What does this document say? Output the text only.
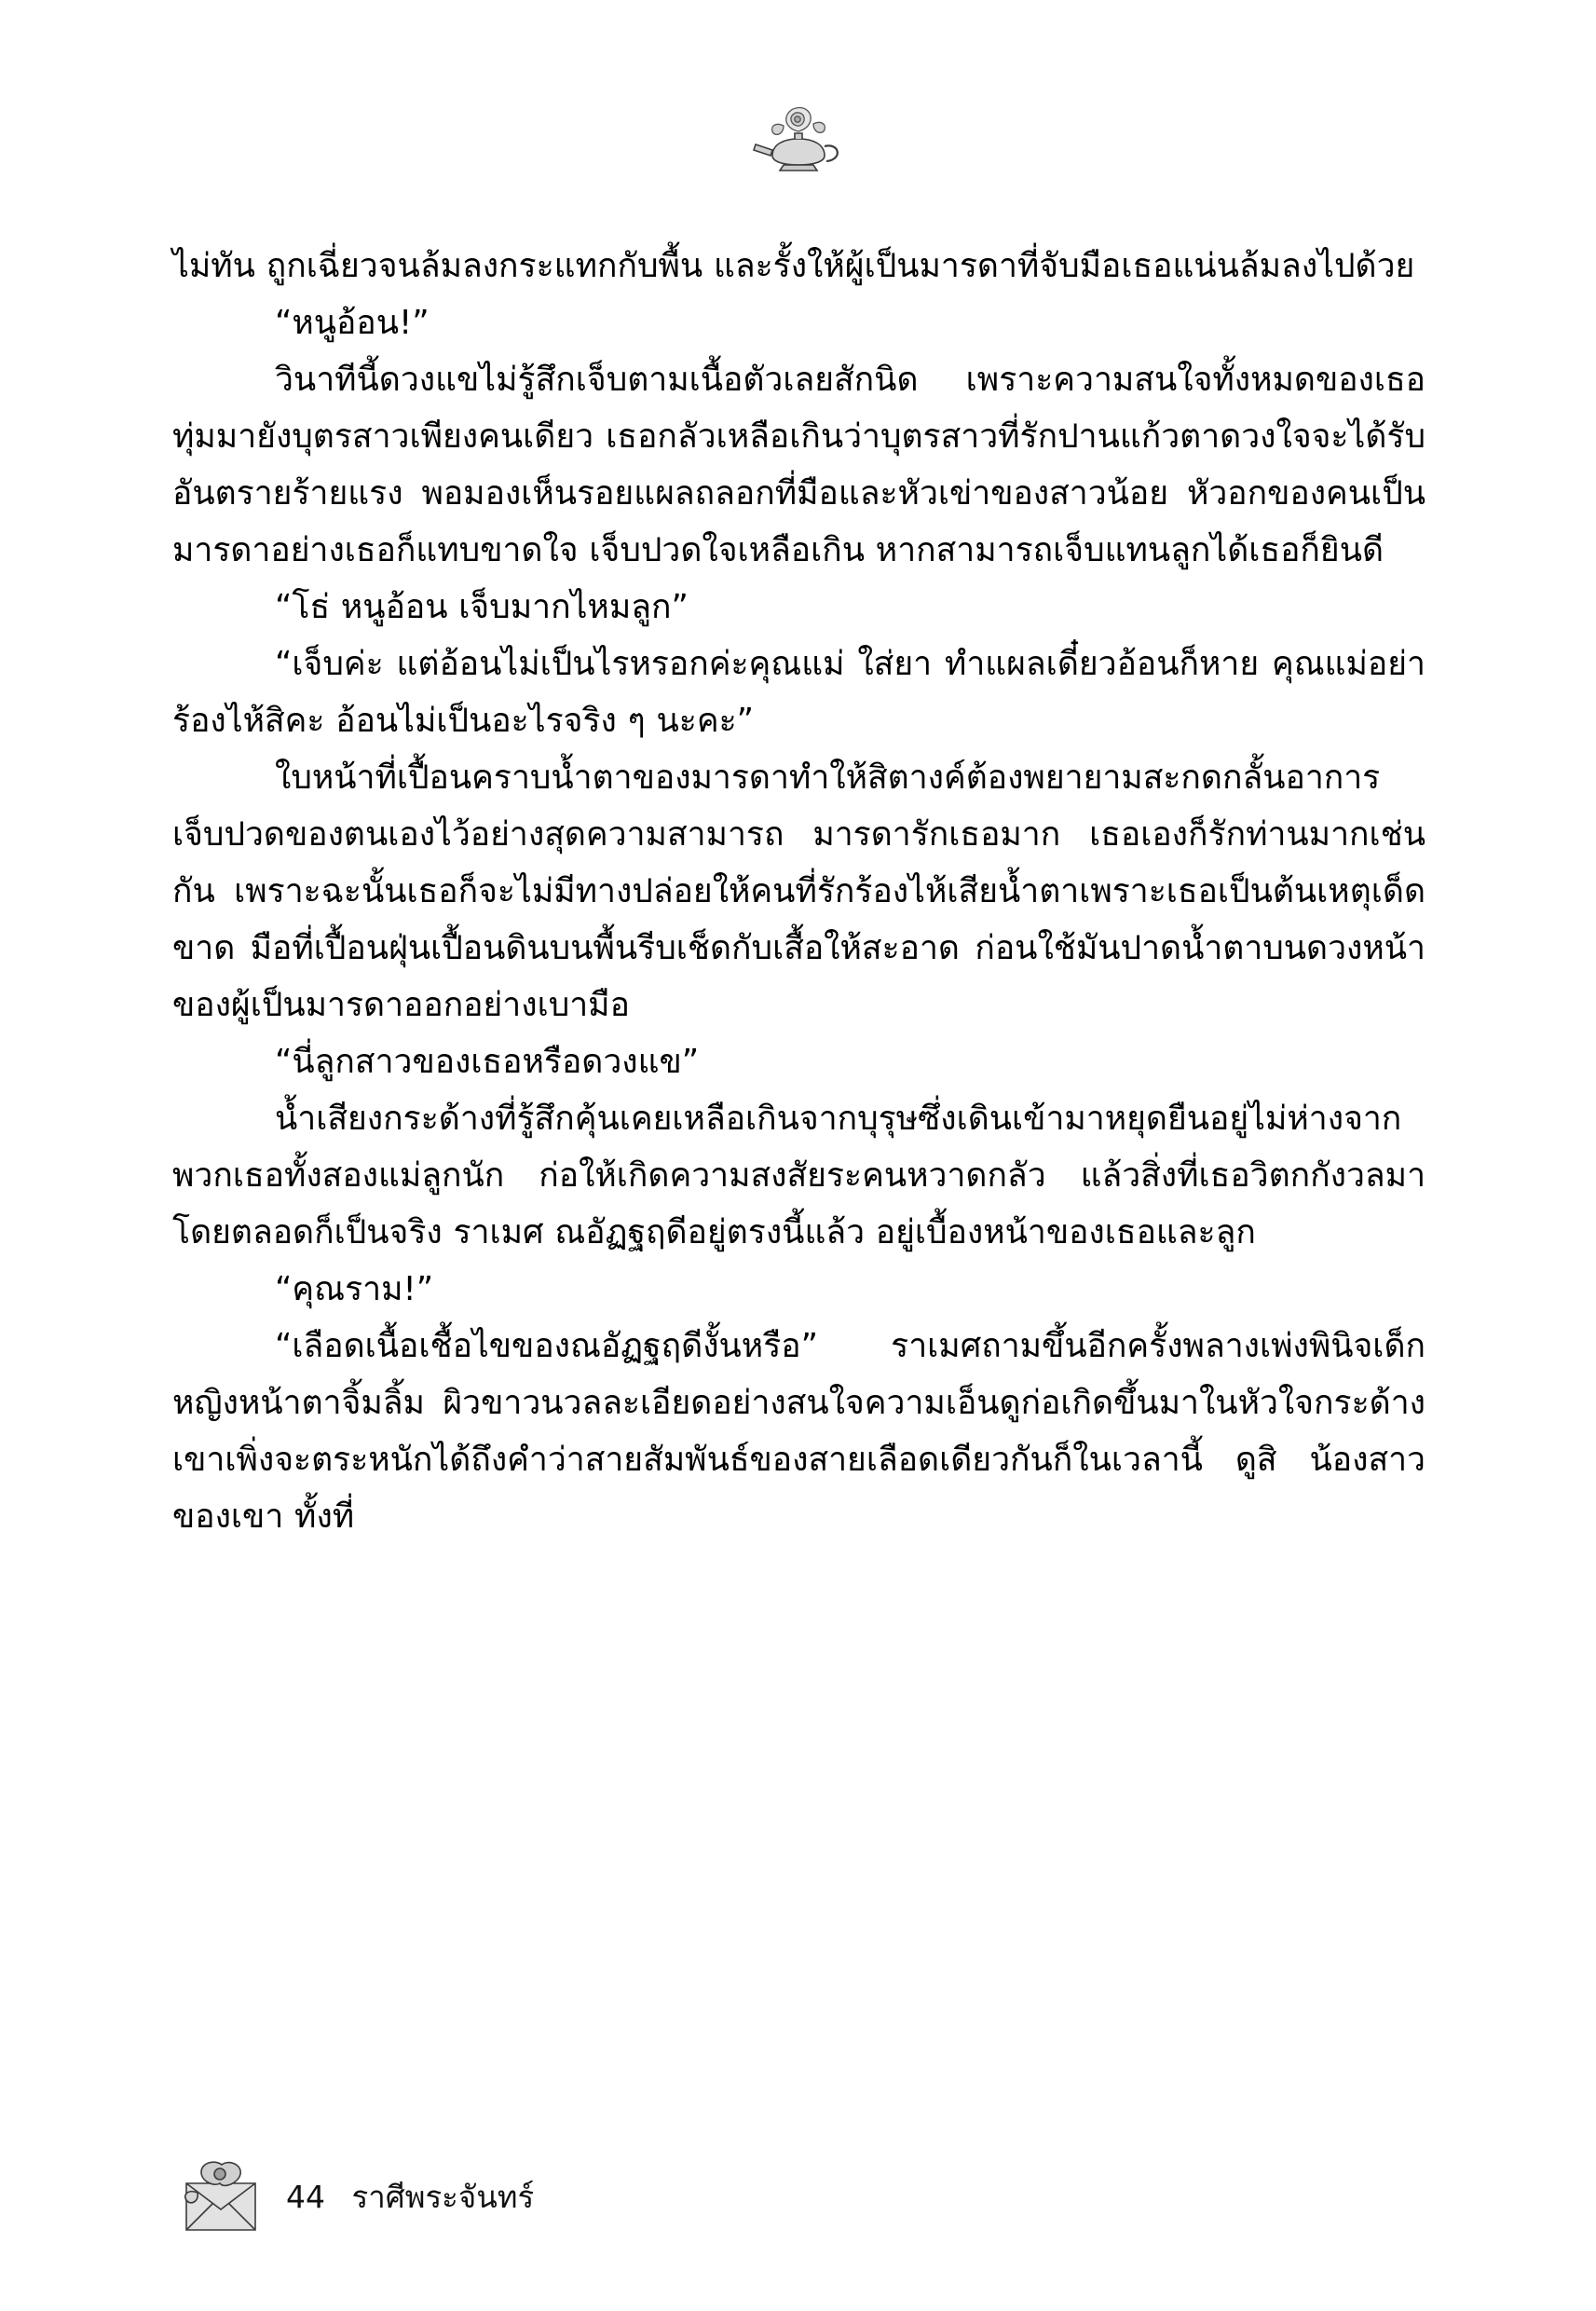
ไม่ทัน ถูกเฉี่ยวจนล้มลงกระแทกกับพื้น และรั้งให้ผู้เป็นมารดาที่จับมือเธอแน่นล้มลงไปด้วย

“หนูอ้อน!”

วินาทีนี้ดวงแขไม่รู้สึกเจ็บตามเนื้อตัวเลยสักนิด เพราะความสนใจทั้งหมดของเธอทุ่มมายังบุตรสาวเพียงคนเดียว เธอกลัวเหลือเกินว่าบุตรสาวที่รักปานแก้วตาดวงใจจะได้รับอันตรายร้ายแรง พอมองเห็นรอยแผลถลอกที่มือและหัวเข่าของสาวน้อย หัวอกของคนเป็นมารดาอย่างเธอก็แทบขาดใจ เจ็บปวดใจเหลือเกิน หากสามารถเจ็บแทนลูกได้เธอก็ยินดี

“โธ่ หนูอ้อน เจ็บมากไหมลูก”

“เจ็บค่ะ แต่อ้อนไม่เป็นไรหรอกค่ะคุณแม่ ใส่ยา ทำแผลเดี๋ยวอ้อนก็หาย คุณแม่อย่าร้องไห้สิคะ อ้อนไม่เป็นอะไรจริง ๆ นะคะ”

ใบหน้าที่เปื้อนคราบน้ำตาของมารดาทำให้สิตางค์ต้องพยายามสะกดกลั้นอาการเจ็บปวดของตนเองไว้อย่างสุดความสามารถ มารดารักเธอมาก เธอเองก็รักท่านมากเช่นกัน เพราะฉะนั้นเธอก็จะไม่มีทางปล่อยให้คนที่รักร้องไห้เสียน้ำตาเพราะเธอเป็นต้นเหตุเด็ดขาด มือที่เปื้อนฝุ่นเปื้อนดินบนพื้นรีบเช็ดกับเสื้อให้สะอาด ก่อนใช้มันปาดน้ำตาบนดวงหน้าของผู้เป็นมารดาออกอย่างเบามือ

“นี่ลูกสาวของเธอหรือดวงแข”

น้ำเสียงกระด้างที่รู้สึกคุ้นเคยเหลือเกินจากบุรุษซึ่งเดินเข้ามาหยุดยืนอยู่ไม่ห่างจากพวกเธอทั้งสองแม่ลูกนัก ก่อให้เกิดความสงสัยระคนหวาดกลัว แล้วสิ่งที่เธอวิตกกังวลมาโดยตลอดก็เป็นจริง ราเมศ ณอัฏฐฤดีอยู่ตรงนี้แล้ว อยู่เบื้องหน้าของเธอและลูก

“คุณราม!”

“เลือดเนื้อเชื้อไขของณอัฏฐฤดีงั้นหรือ” ราเมศถามขึ้นอีกครั้งพลางเพ่งพินิจเด็กหญิงหน้าตาจิ้มลิ้ม ผิวขาวนวลละเอียดอย่างสนใจความเอ็นดูก่อเกิดขึ้นมาในหัวใจกระด้าง เขาเพิ่งจะตระหนักได้ถึงคำว่าสายสัมพันธ์ของสายเลือดเดียวกันก็ในเวลานี้ ดูสิ น้องสาวของเขา ทั้งที่

44 ราศีพระจันทร์
